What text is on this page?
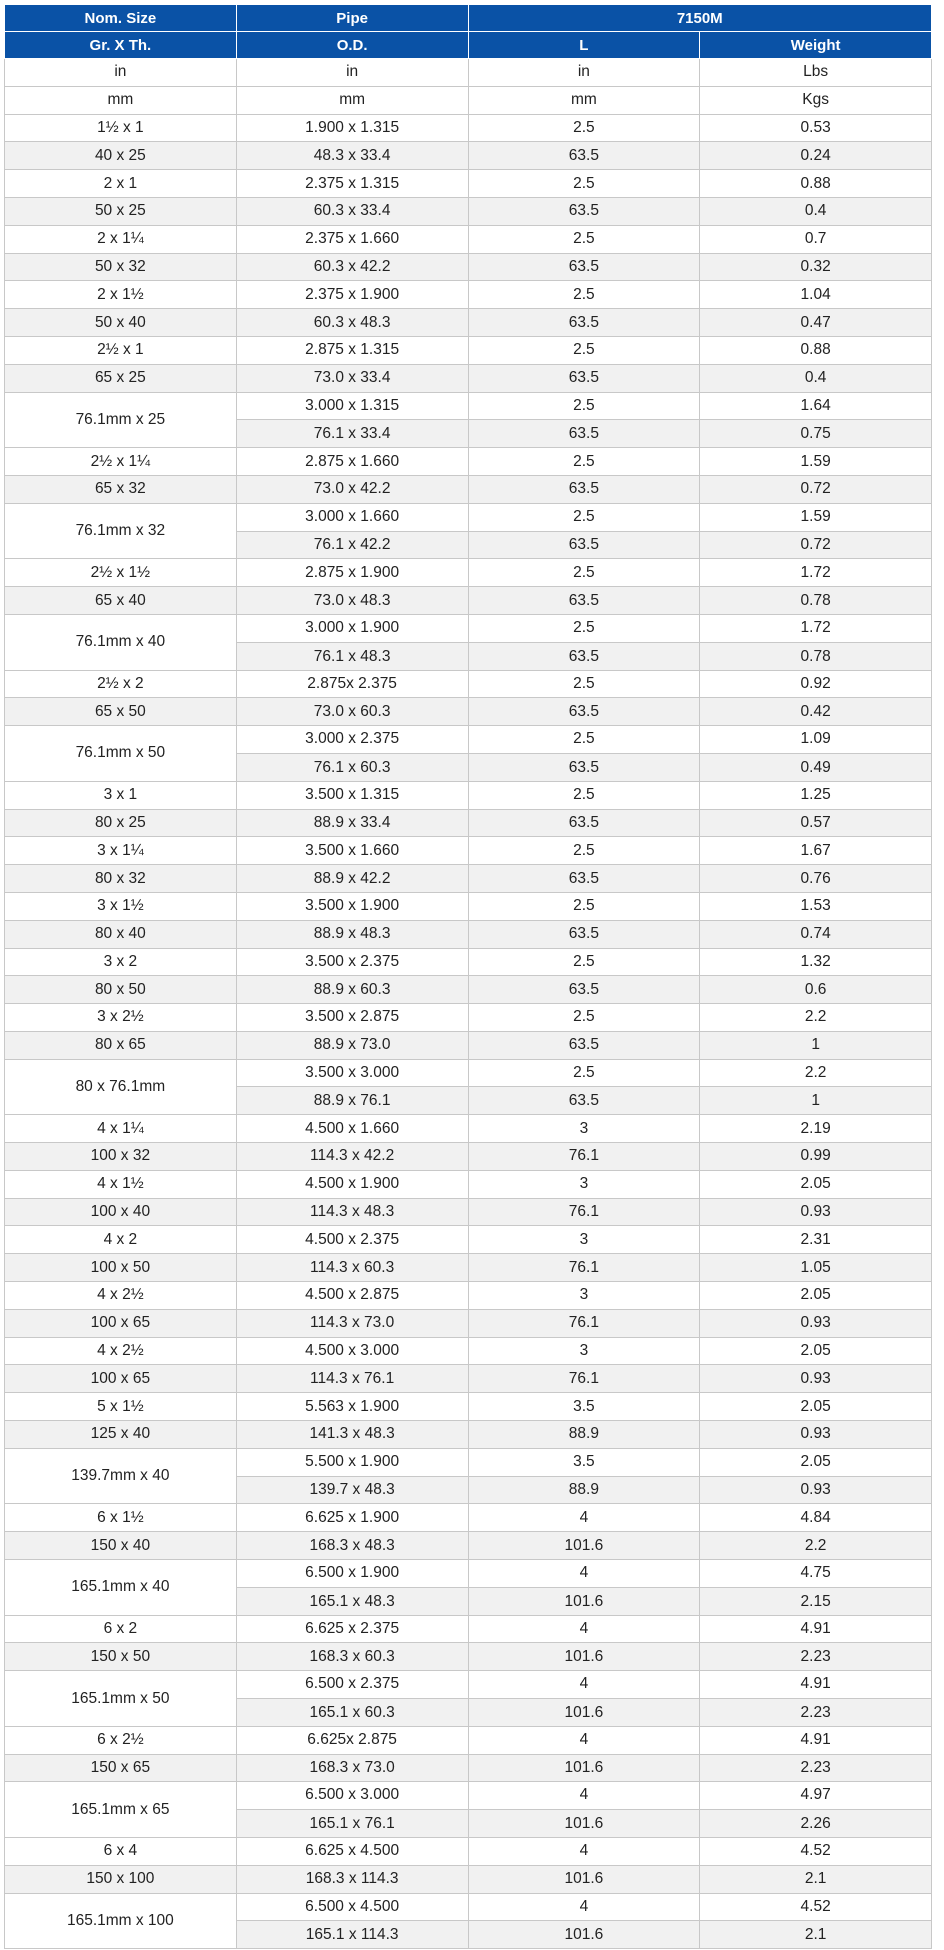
Nom. Size	Pipe	7150M	
Gr. X Th.	O.D.	L	Weight
in	in	in	Lbs
mm	mm	mm	Kgs
1½ x 1	1.900 x 1.315	2.5	0.53
40 x 25	48.3 x 33.4	63.5	0.24
2 x 1	2.375 x 1.315	2.5	0.88
50 x 25	60.3 x 33.4	63.5	0.4
2 x 1¼	2.375 x 1.660	2.5	0.7
50 x 32	60.3 x 42.2	63.5	0.32
2 x 1½	2.375 x 1.900	2.5	1.04
50 x 40	60.3 x 48.3	63.5	0.47
2½ x 1	2.875 x 1.315	2.5	0.88
65 x 25	73.0 x 33.4	63.5	0.4
76.1mm x 25	3.000 x 1.315	2.5	1.64
	76.1 x 33.4	63.5	0.75
2½ x 1¼	2.875 x 1.660	2.5	1.59
65 x 32	73.0 x 42.2	63.5	0.72
76.1mm x 32	3.000 x 1.660	2.5	1.59
	76.1 x 42.2	63.5	0.72
2½ x 1½	2.875 x 1.900	2.5	1.72
65 x 40	73.0 x 48.3	63.5	0.78
76.1mm x 40	3.000 x 1.900	2.5	1.72
	76.1 x 48.3	63.5	0.78
2½ x 2	2.875x 2.375	2.5	0.92
65 x 50	73.0 x 60.3	63.5	0.42
76.1mm x 50	3.000 x 2.375	2.5	1.09
	76.1 x 60.3	63.5	0.49
3 x 1	3.500 x 1.315	2.5	1.25
80 x 25	88.9 x 33.4	63.5	0.57
3 x 1¼	3.500 x 1.660	2.5	1.67
80 x 32	88.9 x 42.2	63.5	0.76
3 x 1½	3.500 x 1.900	2.5	1.53
80 x 40	88.9 x 48.3	63.5	0.74
3 x 2	3.500 x 2.375	2.5	1.32
80 x 50	88.9 x 60.3	63.5	0.6
3 x 2½	3.500 x 2.875	2.5	2.2
80 x 65	88.9 x 73.0	63.5	1
80 x 76.1mm	3.500 x 3.000	2.5	2.2
	88.9 x 76.1	63.5	1
4 x 1¼	4.500 x 1.660	3	2.19
100 x 32	114.3 x 42.2	76.1	0.99
4 x 1½	4.500 x 1.900	3	2.05
100 x 40	114.3 x 48.3	76.1	0.93
4 x 2	4.500 x 2.375	3	2.31
100 x 50	114.3 x 60.3	76.1	1.05
4 x 2½	4.500 x 2.875	3	2.05
100 x 65	114.3 x 73.0	76.1	0.93
4 x 2½	4.500 x 3.000	3	2.05
100 x 65	114.3 x 76.1	76.1	0.93
5 x 1½	5.563 x 1.900	3.5	2.05
125 x 40	141.3 x 48.3	88.9	0.93
139.7mm x 40	5.500 x 1.900	3.5	2.05
	139.7 x 48.3	88.9	0.93
6 x 1½	6.625 x 1.900	4	4.84
150 x 40	168.3 x 48.3	101.6	2.2
165.1mm x 40	6.500 x 1.900	4	4.75
	165.1 x 48.3	101.6	2.15
6 x 2	6.625 x 2.375	4	4.91
150 x 50	168.3 x 60.3	101.6	2.23
165.1mm x 50	6.500 x 2.375	4	4.91
	165.1 x 60.3	101.6	2.23
6 x 2½	6.625x 2.875	4	4.91
150 x 65	168.3 x 73.0	101.6	2.23
165.1mm x 65	6.500 x 3.000	4	4.97
	165.1 x 76.1	101.6	2.26
6 x 4	6.625 x 4.500	4	4.52
150 x 100	168.3 x 114.3	101.6	2.1
165.1mm x 100	6.500 x 4.500	4	4.52
	165.1 x 114.3	101.6	2.1
